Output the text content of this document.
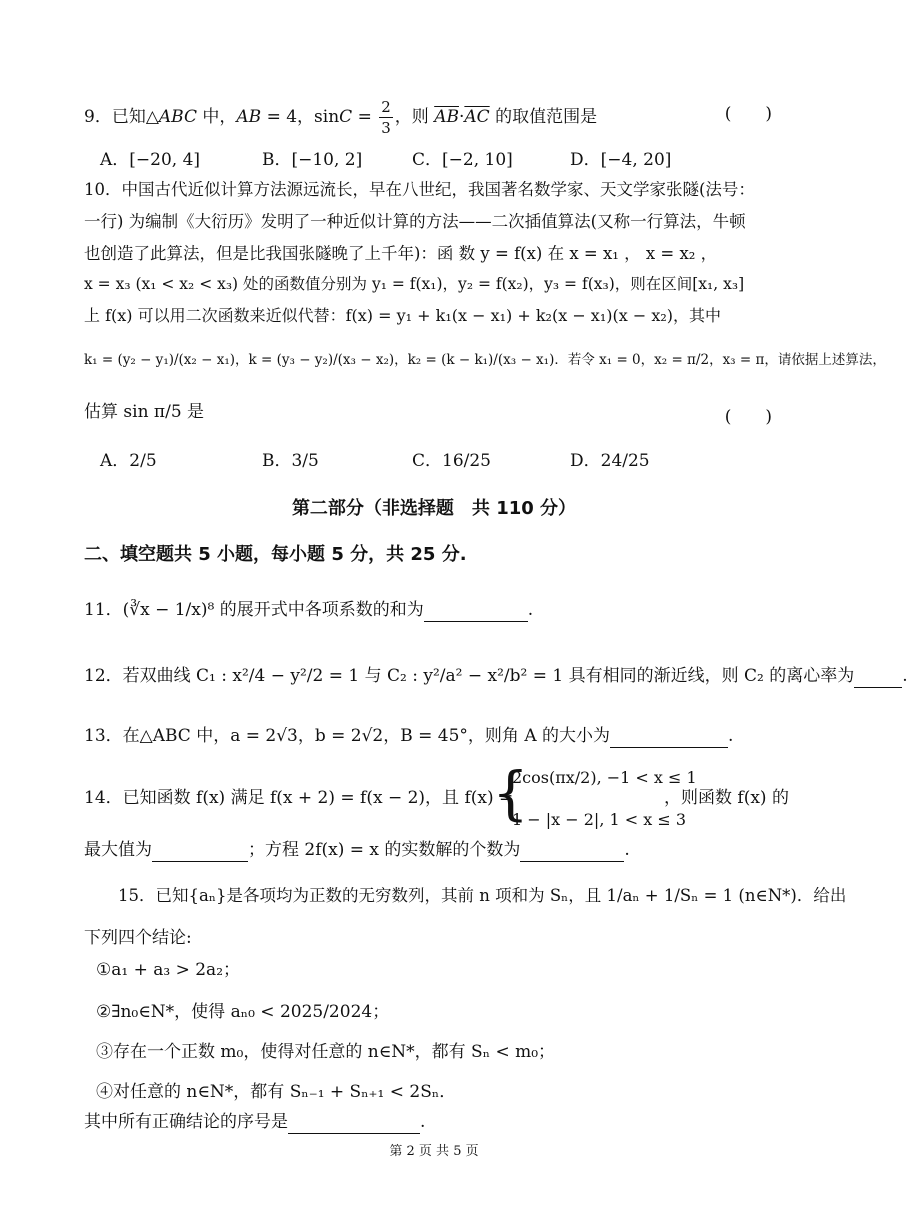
9．已知△ABC 中，AB = 4，$\sin C = \frac{2}{3}$ ，则 $\overline{AB}\cdot\overline{AC}$ 的取值范围是	(　　)
A．[−20, 4]	B．[−10, 2]	C．[−2, 10]	D．[−4, 20]
10．中国古代近似计算方法源远流长，早在八世纪，我国著名数学家、天文学家张隧(法号：
一行) 为编制《大衍历》发明了一种近似计算的方法——二次插值算法(又称一行算法，牛顿
也创造了此算法，但是比我国张隧晚了上千年)：函 数 y = f(x) 在 x = x₁ ， x = x₂ ，
x = x₃ (x₁ < x₂ < x₃) 处的函数值分别为 y₁ = f(x₁)，y₂ = f(x₂)，y₃ = f(x₃)，则在区间[x₁, x₃]
上 f(x) 可以用二次函数来近似代替：f(x) = y₁ + k₁(x − x₁) + k₂(x − x₁)(x − x₂)，其中
k₁ = (y₂ − y₁)/(x₂ − x₁)，k = (y₃ − y₂)/(x₃ − x₂)，k₂ = (k − k₁)/(x₃ − x₁)．若令 x₁ = 0，x₂ = π/2，x₃ = π，请依据上述算法，
估算 sin π/5 是	(　　)
A．2/5	B．3/5	C．16/25	D．24/25
第二部分（非选择题　共 110 分）
二、填空题共 5 小题，每小题 5 分，共 25 分.
11．(∛x − 1/x)⁸ 的展开式中各项系数的和为	.
12．若双曲线 C₁ : x²/4 − y²/2 = 1 与 C₂ : y²/a² − x²/b² = 1 具有相同的渐近线，则 C₂ 的离心率为	.
13．在△ABC 中，a = 2√3，b = 2√2，B = 45°，则角 A 的大小为	.
14．已知函数 f(x) 满足 f(x + 2) = f(x − 2)，且 f(x) =
{
2cos(πx/2), −1 < x ≤ 1
1 − |x − 2|, 1 < x ≤ 3
，则函数 f(x) 的
最大值为	；方程 2f(x) = x 的实数解的个数为	.
15．已知{aₙ}是各项均为正数的无穷数列，其前 n 项和为 Sₙ，且 1/aₙ + 1/Sₙ = 1 (n∈N*)．给出
下列四个结论:
①a₁ + a₃ > 2a₂；
②∃n₀∈N*，使得 aₙ₀ < 2025/2024；
③存在一个正数 m₀，使得对任意的 n∈N*，都有 Sₙ < m₀；
④对任意的 n∈N*，都有 Sₙ₋₁ + Sₙ₊₁ < 2Sₙ．
其中所有正确结论的序号是	.
第 2 页 共 5 页
